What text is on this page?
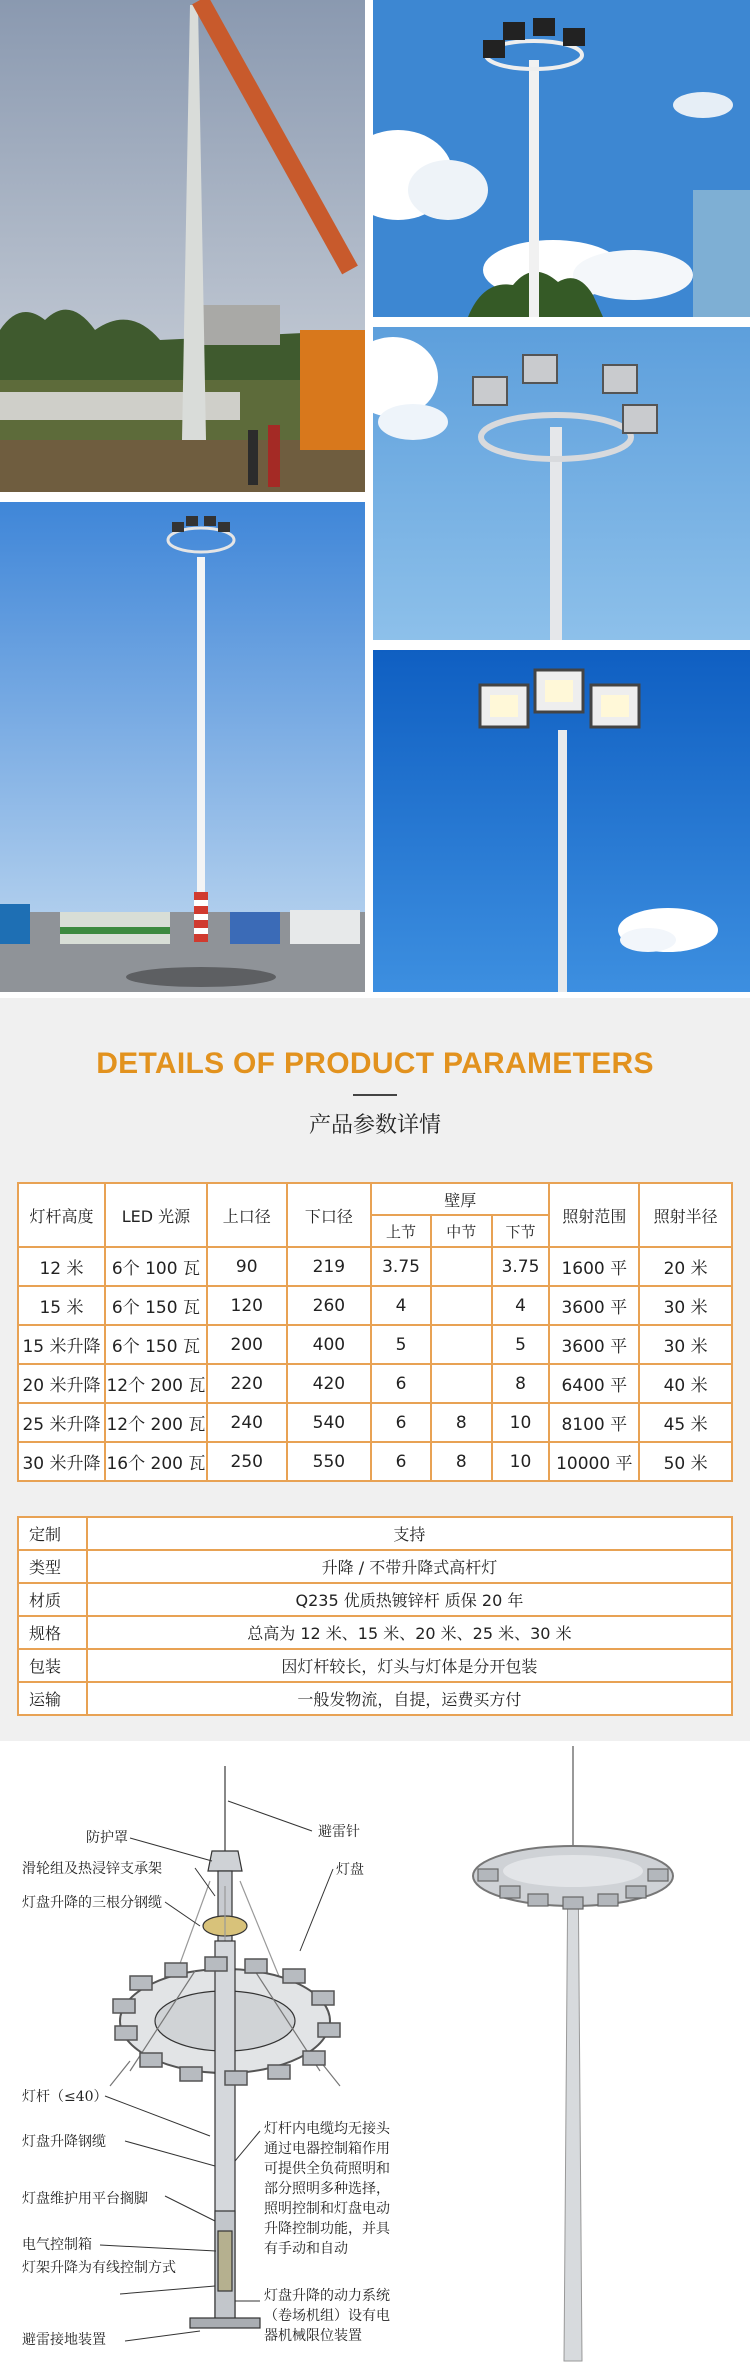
DETAILS OF PRODUCT PARAMETERS
产品参数详情
灯杆高度	LED 光源	上口径	下口径	壁厚			照射范围	照射半径
				上节	中节	下节		
12 米	6个 100 瓦	90	219	3.75		3.75	1600 平	20 米
15 米	6个 150 瓦	120	260	4		4	3600 平	30 米
15 米升降	6个 150 瓦	200	400	5		5	3600 平	30 米
20 米升降	12个 200 瓦	220	420	6		8	6400 平	40 米
25 米升降	12个 200 瓦	240	540	6	8	10	8100 平	45 米
30 米升降	16个 200 瓦	250	550	6	8	10	10000 平	50 米
定制	支持
类型	升降 / 不带升降式高杆灯
材质	Q235 优质热镀锌杆 质保 20 年
规格	总高为 12 米、15 米、20 米、25 米、30 米
包装	因灯杆较长，灯头与灯体是分开包装
运输	一般发物流，自提，运费买方付
防护罩
滑轮组及热浸锌支承架
灯盘升降的三根分钢缆
避雷针
灯盘
灯杆（≤40）
灯盘升降钢缆
灯盘维护用平台搁脚
电气控制箱
灯架升降为有线控制方式
避雷接地装置
灯杆内电缆均无接头
通过电器控制箱作用
可提供全负荷照明和
部分照明多种选择，
照明控制和灯盘电动
升降控制功能，并具
有手动和自动
灯盘升降的动力系统
（卷场机组）设有电
器机械限位装置
